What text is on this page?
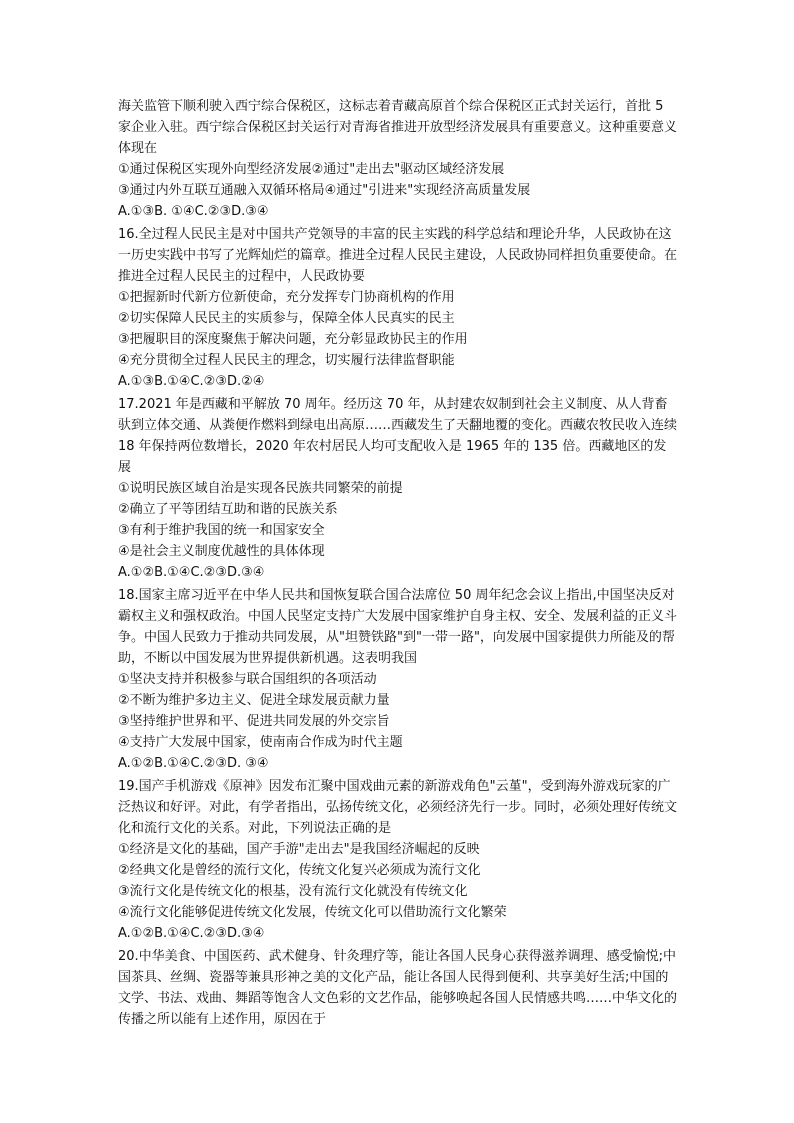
海关监管下顺利驶入西宁综合保税区，这标志着青藏高原首个综合保税区正式封关运行，首批 5 家企业入驻。西宁综合保税区封关运行对青海省推进开放型经济发展具有重要意义。这种重要意义体现在

①通过保税区实现外向型经济发展②通过"走出去"驱动区域经济发展

③通过内外互联互通融入双循环格局④通过"引进来"实现经济高质量发展

A.①③B. ①④C.②③D.③④

16.全过程人民民主是对中国共产党领导的丰富的民主实践的科学总结和理论升华，人民政协在这一历史实践中书写了光辉灿烂的篇章。推进全过程人民民主建设，人民政协同样担负重要使命。在推进全过程人民民主的过程中，人民政协要

①把握新时代新方位新使命，充分发挥专门协商机构的作用

②切实保障人民民主的实质参与，保障全体人民真实的民主

③把履职目的深度聚焦于解决问题，充分彰显政协民主的作用

④充分贯彻全过程人民民主的理念，切实履行法律监督职能

A.①③B.①④C.②③D.②④

17.2021 年是西藏和平解放 70 周年。经历这 70 年，从封建农奴制到社会主义制度、从人背畜驮到立体交通、从粪便作燃料到绿电出高原……西藏发生了天翻地覆的变化。西藏农牧民收入连续 18 年保持两位数增长，2020 年农村居民人均可支配收入是 1965 年的 135 倍。西藏地区的发展

①说明民族区域自治是实现各民族共同繁荣的前提

②确立了平等团结互助和谐的民族关系

③有利于维护我国的统一和国家安全

④是社会主义制度优越性的具体体现

A.①②B.①④C.②③D.③④

18.国家主席习近平在中华人民共和国恢复联合国合法席位 50 周年纪念会议上指出,中国坚决反对霸权主义和强权政治。中国人民坚定支持广大发展中国家维护自身主权、安全、发展利益的正义斗争。中国人民致力于推动共同发展，从"坦赞铁路"到"一带一路"，向发展中国家提供力所能及的帮助，不断以中国发展为世界提供新机遇。这表明我国

①坚决支持并积极参与联合国组织的各项活动

②不断为维护多边主义、促进全球发展贡献力量

③坚持维护世界和平、促进共同发展的外交宗旨

④支持广大发展中国家，使南南合作成为时代主题

A.①②B.①④C.②③D. ③④

19.国产手机游戏《原神》因发布汇聚中国戏曲元素的新游戏角色"云堇"，受到海外游戏玩家的广泛热议和好评。对此，有学者指出，弘扬传统文化，必须经济先行一步。同时，必须处理好传统文化和流行文化的关系。对此，下列说法正确的是

①经济是文化的基础，国产手游"走出去"是我国经济崛起的反映

②经典文化是曾经的流行文化，传统文化复兴必须成为流行文化

③流行文化是传统文化的根基，没有流行文化就没有传统文化

④流行文化能够促进传统文化发展，传统文化可以借助流行文化繁荣

A.①②B.①④C.②③D.③④

20.中华美食、中国医药、武术健身、针灸理疗等，能让各国人民身心获得滋养调理、感受愉悦;中国茶具、丝绸、瓷器等兼具形神之美的文化产品，能让各国人民得到便利、共享美好生活;中国的文学、书法、戏曲、舞蹈等饱含人文色彩的文艺作品，能够唤起各国人民情感共鸣……中华文化的传播之所以能有上述作用，原因在于
